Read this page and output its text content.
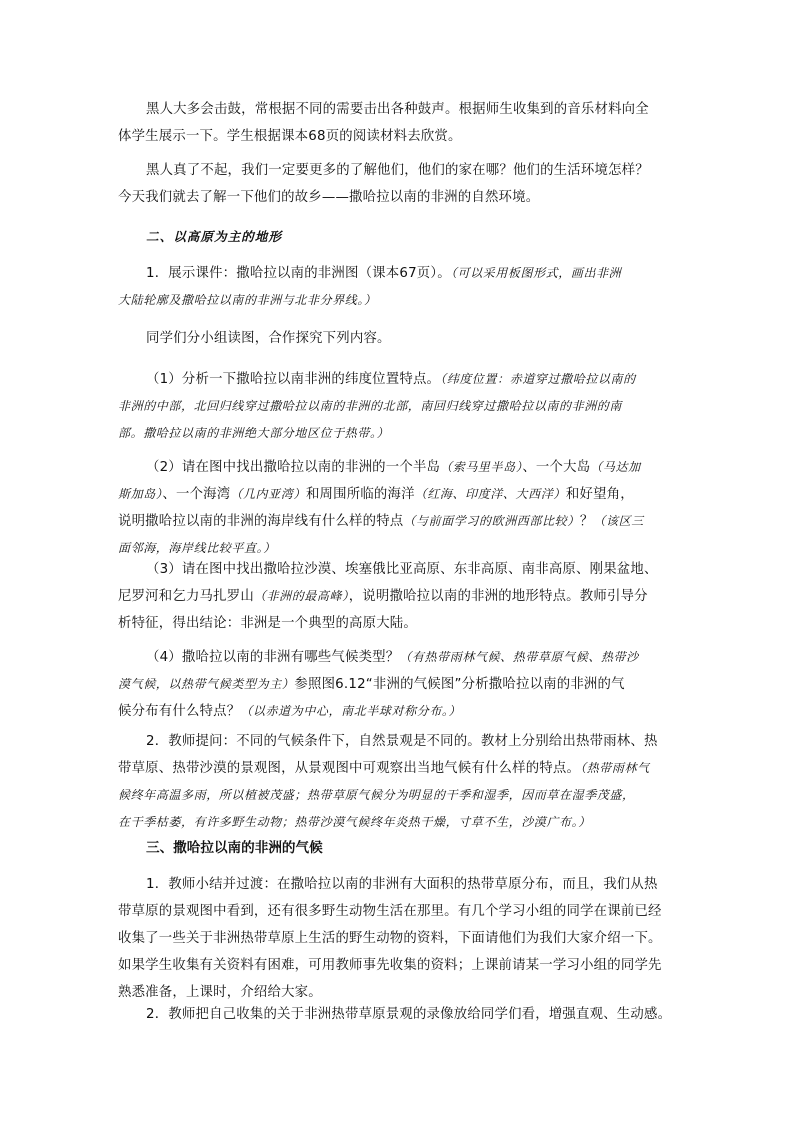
黑人大多会击鼓，常根据不同的需要击出各种鼓声。根据师生收集到的音乐材料向全
体学生展示一下。学生根据课本68页的阅读材料去欣赏。
黑人真了不起，我们一定要更多的了解他们，他们的家在哪？他们的生活环境怎样？
今天我们就去了解一下他们的故乡——撒哈拉以南的非洲的自然环境。
二、以高原为主的地形
1．展示课件：撒哈拉以南的非洲图（课本67页）。（可以采用板图形式，画出非洲
大陆轮廓及撒哈拉以南的非洲与北非分界线。）
同学们分小组读图，合作探究下列内容。
（1）分析一下撒哈拉以南非洲的纬度位置特点。（纬度位置：赤道穿过撒哈拉以南的
非洲的中部，北回归线穿过撒哈拉以南的非洲的北部，南回归线穿过撒哈拉以南的非洲的南
部。撒哈拉以南的非洲绝大部分地区位于热带。）
（2）请在图中找出撒哈拉以南的非洲的一个半岛（索马里半岛）、一个大岛（马达加
斯加岛）、一个海湾（几内亚湾）和周围所临的海洋（红海、印度洋、大西洋）和好望角，
说明撒哈拉以南的非洲的海岸线有什么样的特点（与前面学习的欧洲西部比较）？（该区三
面邻海，海岸线比较平直。）
（3）请在图中找出撒哈拉沙漠、埃塞俄比亚高原、东非高原、南非高原、刚果盆地、
尼罗河和乞力马扎罗山（非洲的最高峰），说明撒哈拉以南的非洲的地形特点。教师引导分
析特征，得出结论：非洲是一个典型的高原大陆。
（4）撒哈拉以南的非洲有哪些气候类型？（有热带雨林气候、热带草原气候、热带沙
漠气候，以热带气候类型为主）参照图6.12“非洲的气候图”分析撒哈拉以南的非洲的气
候分布有什么特点？（以赤道为中心，南北半球对称分布。）
2．教师提问：不同的气候条件下，自然景观是不同的。教材上分别给出热带雨林、热
带草原、热带沙漠的景观图，从景观图中可观察出当地气候有什么样的特点。（热带雨林气
候终年高温多雨，所以植被茂盛；热带草原气候分为明显的干季和湿季，因而草在湿季茂盛，
在干季枯萎，有许多野生动物；热带沙漠气候终年炎热干燥，寸草不生，沙漠广布。）
三、撒哈拉以南的非洲的气候
1．教师小结并过渡：在撒哈拉以南的非洲有大面积的热带草原分布，而且，我们从热
带草原的景观图中看到，还有很多野生动物生活在那里。有几个学习小组的同学在课前已经
收集了一些关于非洲热带草原上生活的野生动物的资料，下面请他们为我们大家介绍一下。
如果学生收集有关资料有困难，可用教师事先收集的资料；上课前请某一学习小组的同学先
熟悉准备，上课时，介绍给大家。
2．教师把自己收集的关于非洲热带草原景观的录像放给同学们看，增强直观、生动感。
